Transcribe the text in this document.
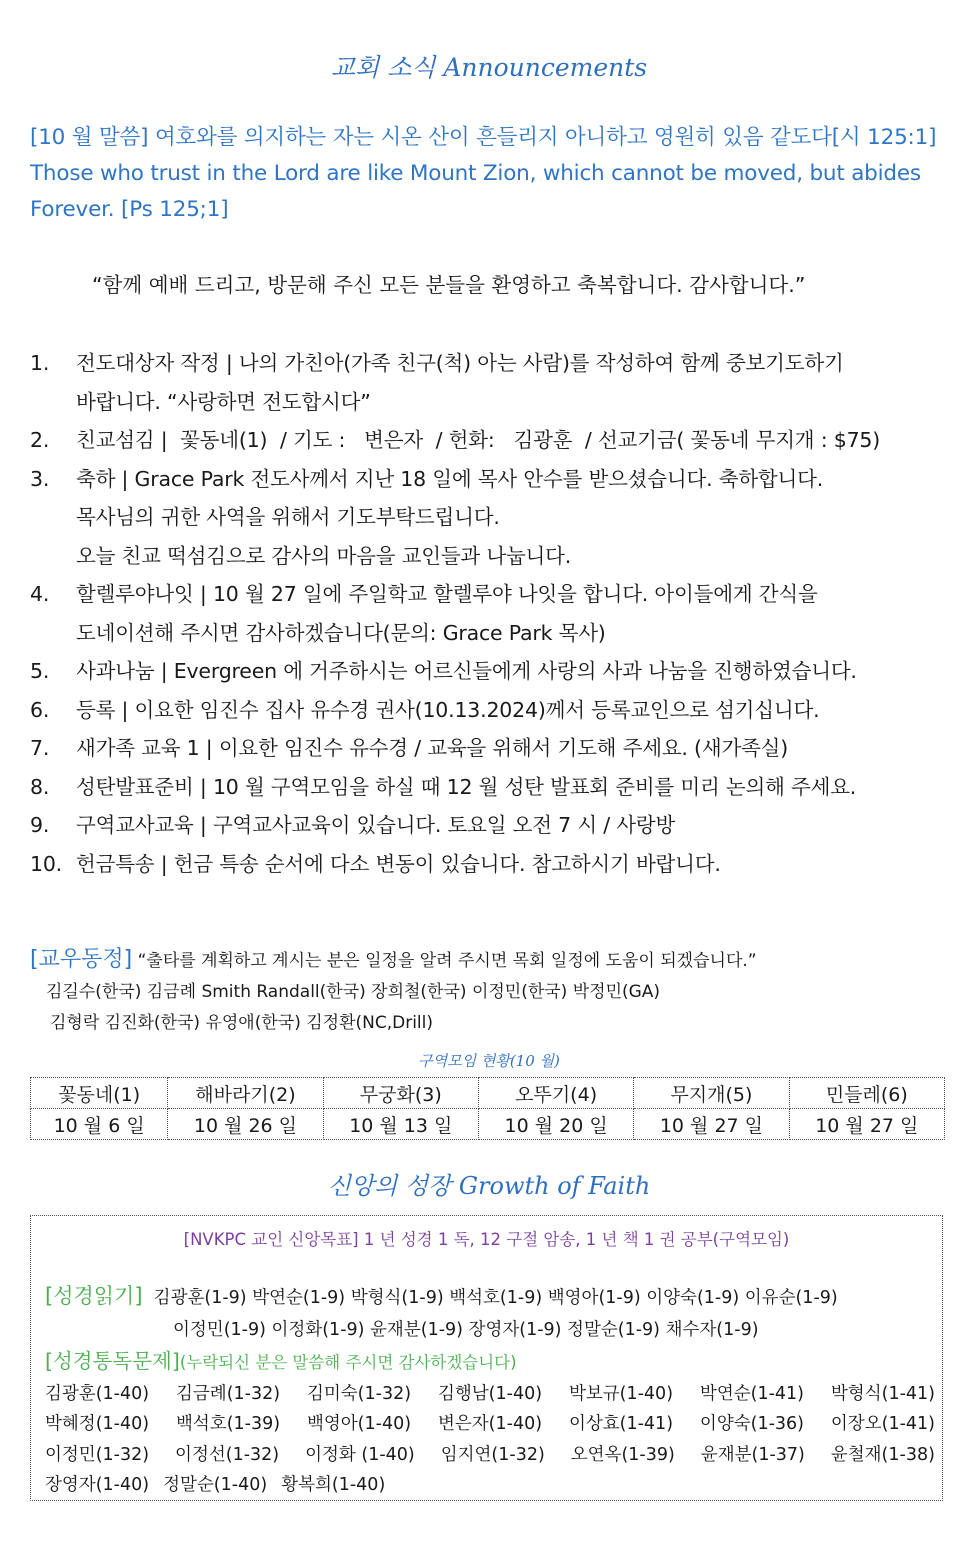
교회 소식 Announcements
[10 월 말씀] 여호와를 의지하는 자는 시온 산이 흔들리지 아니하고 영원히 있음 같도다[시 125:1] Those who trust in the Lord are like Mount Zion, which cannot be moved, but abides Forever. [Ps 125;1]
“함께 예배 드리고, 방문해 주신 모든 분들을 환영하고 축복합니다. 감사합니다.”
1.	전도대상자 작정 | 나의 가친아(가족 친구(척) 아는 사람)를 작성하여 함께 중보기도하기
바랍니다. “사랑하면 전도합시다”
2.	친교섬김 |  꽃동네(1)  / 기도 :   변은자  / 헌화:   김광훈  / 선교기금( 꽃동네 무지개 : $75)
3.	축하 | Grace Park 전도사께서 지난 18 일에 목사 안수를 받으셨습니다. 축하합니다.
목사님의 귀한 사역을 위해서 기도부탁드립니다.
오늘 친교 떡섬김으로 감사의 마음을 교인들과 나눕니다.
4.	할렐루야나잇 | 10 월 27 일에 주일학교 할렐루야 나잇을 합니다. 아이들에게 간식을
도네이션해 주시면 감사하겠습니다(문의: Grace Park 목사)
5.	사과나눔 | Evergreen 에 거주하시는 어르신들에게 사랑의 사과 나눔을 진행하였습니다.
6.	등록 | 이요한 임진수 집사 유수경 권사(10.13.2024)께서 등록교인으로 섬기십니다.
7.	새가족 교육 1 | 이요한 임진수 유수경 / 교육을 위해서 기도해 주세요. (새가족실)
8.	성탄발표준비 | 10 월 구역모임을 하실 때 12 월 성탄 발표회 준비를 미리 논의해 주세요.
9.	구역교사교육 | 구역교사교육이 있습니다. 토요일 오전 7 시 / 사랑방
10. 헌금특송 | 헌금 특송 순서에 다소 변동이 있습니다. 참고하시기 바랍니다.
[교우동정] “출타를 계획하고 계시는 분은 일정을 알려 주시면 목회 일정에 도움이 되겠습니다.”
김길수(한국) 김금례 Smith Randall(한국) 장희철(한국) 이정민(한국) 박정민(GA)
김형락 김진화(한국) 유영애(한국) 김정환(NC,Drill)
구역모임 현황(10 월)
꽃동네(1)	해바라기(2)	무궁화(3)	오뚜기(4)	무지개(5)	민들레(6)
10 월 6 일	10 월 26 일	10 월 13 일	10 월 20 일	10 월 27 일	10 월 27 일
신앙의 성장 Growth of Faith
[NVKPC 교인 신앙목표] 1 년 성경 1 독, 12 구절 암송, 1 년 책 1 권 공부(구역모임)
[성경읽기] 김광훈(1-9) 박연순(1-9) 박형식(1-9) 백석호(1-9) 백영아(1-9) 이양숙(1-9) 이유순(1-9)
이정민(1-9) 이정화(1-9) 윤재분(1-9) 장영자(1-9) 정말순(1-9) 채수자(1-9)
[성경통독문제](누락되신 분은 말씀해 주시면 감사하겠습니다)
김광훈(1-40) 김금례(1-32) 김미숙(1-32) 김행남(1-40) 박보규(1-40) 박연순(1-41) 박형식(1-41)
박혜정(1-40) 백석호(1-39) 백영아(1-40) 변은자(1-40) 이상효(1-41) 이양숙(1-36) 이장오(1-41)
이정민(1-32) 이정선(1-32) 이정화 (1-40) 임지연(1-32) 오연옥(1-39) 윤재분(1-37) 윤철재(1-38)
장영자(1-40) 정말순(1-40) 황복희(1-40)
